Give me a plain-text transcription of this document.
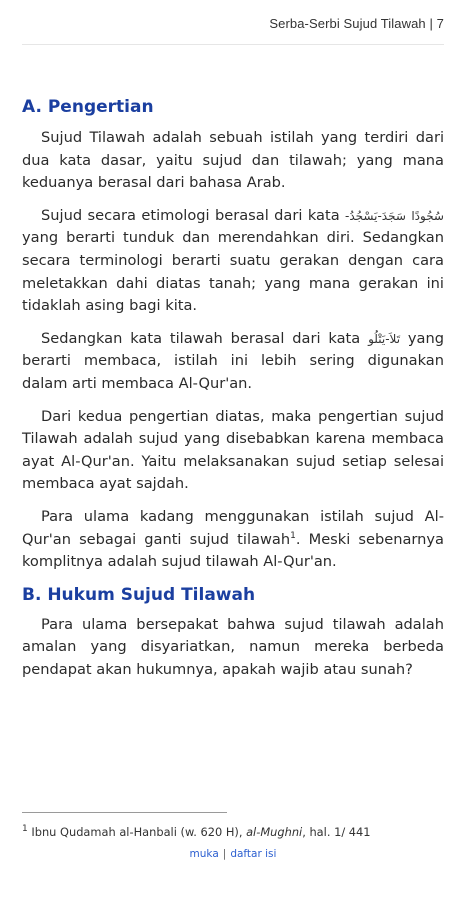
Serba-Serbi Sujud Tilawah | 7
A. Pengertian

Sujud Tilawah adalah sebuah istilah yang terdiri dari dua kata dasar, yaitu sujud dan tilawah; yang mana keduanya berasal dari bahasa Arab.

Sujud secara etimologi berasal dari kata سَجَدَ-يَسْجُدُ- سُجُودًا yang berarti tunduk dan merendahkan diri. Sedangkan secara terminologi berarti suatu gerakan dengan cara meletakkan dahi diatas tanah; yang mana gerakan ini tidaklah asing bagi kita.

Sedangkan kata tilawah berasal dari kata تَلاَ-يَتْلُو yang berarti membaca, istilah ini lebih sering digunakan dalam arti membaca Al-Qur'an.

Dari kedua pengertian diatas, maka pengertian sujud Tilawah adalah sujud yang disebabkan karena membaca ayat Al-Qur'an. Yaitu melaksanakan sujud setiap selesai membaca ayat sajdah.

Para ulama kadang menggunakan istilah sujud Al-Qur'an sebagai ganti sujud tilawah$^1$. Meski sebenarnya komplitnya adalah sujud tilawah Al-Qur'an.

B. Hukum Sujud Tilawah

Para ulama bersepakat bahwa sujud tilawah adalah amalan yang disyariatkan, namun mereka berbeda pendapat akan hukumnya, apakah wajib atau sunah?

$^1$ Ibnu Qudamah al-Hanbali (w. 620 H), al-Mughni, hal. 1/ 441
muka | daftar isi
